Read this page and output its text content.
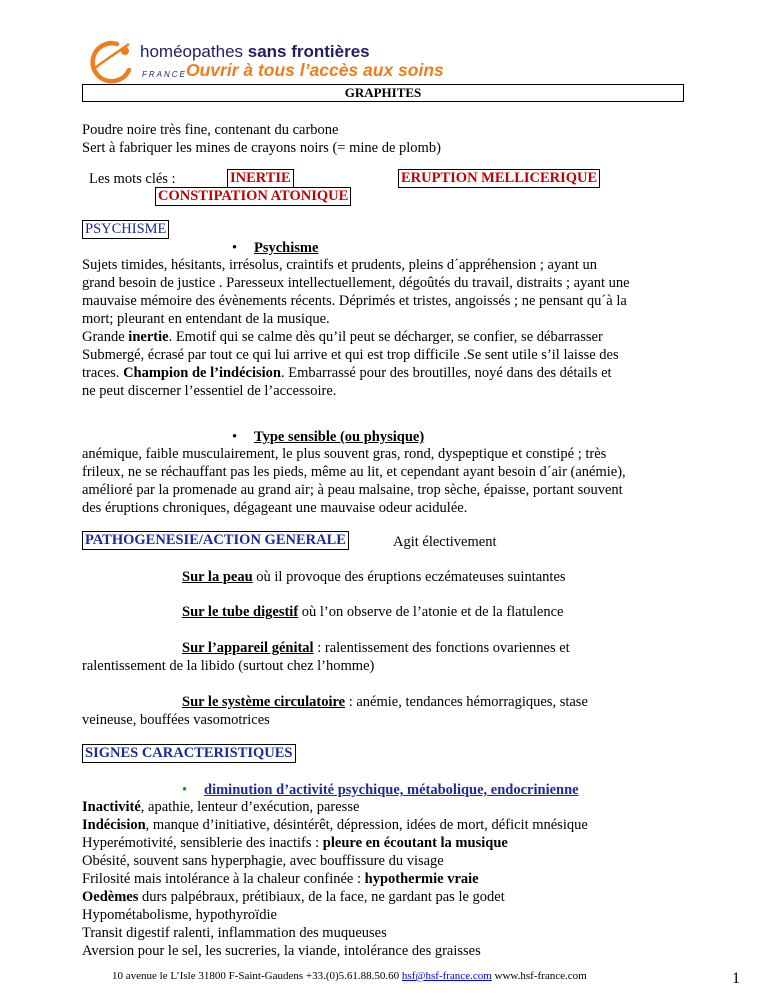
homéopathes sans frontières
FRANCE Ouvrir à tous l’accès aux soins
GRAPHITES
Poudre noire très fine, contenant du carbone
Sert à fabriquer les mines de crayons noirs (= mine de plomb)
Les mots clés :	INERTIE	ERUPTION MELLICERIQUE
CONSTIPATION ATONIQUE
PSYCHISME
• Psychisme
Sujets timides, hésitants, irrésolus, craintifs et prudents, pleins d´appréhension ; ayant un
grand besoin de justice . Paresseux intellectuellement, dégoûtés du travail, distraits ; ayant une
mauvaise mémoire des évènements récents. Déprimés et tristes, angoissés ; ne pensant qu´à la
mort; pleurant en entendant de la musique.
Grande inertie. Emotif qui se calme dès qu’il peut se décharger, se confier, se débarrasser
Submergé, écrasé par tout ce qui lui arrive et qui est trop difficile .Se sent utile s’il laisse des
traces. Champion de l’indécision. Embarrassé pour des broutilles, noyé dans des détails et
ne peut discerner l’essentiel de l’accessoire.
• Type sensible (ou physique)
anémique, faible musculairement, le plus souvent gras, rond, dyspeptique et constipé ; très
frileux, ne se réchauffant pas les pieds, même au lit, et cependant ayant besoin d´air (anémie),
amélioré par la promenade au grand air; à peau malsaine, trop sèche, épaisse, portant souvent
des éruptions chroniques, dégageant une mauvaise odeur acidulée.
PATHOGENESIE/ACTION GENERALE	Agit électivement
Sur la peau où il provoque des éruptions eczémateuses suintantes
Sur le tube digestif où l’on observe de l’atonie et de la flatulence
Sur l’appareil génital : ralentissement des fonctions ovariennes et
ralentissement de la libido (surtout chez l’homme)
Sur le système circulatoire : anémie, tendances hémorragiques, stase
veineuse, bouffées vasomotrices
SIGNES CARACTERISTIQUES
• diminution d’activité psychique, métabolique, endocrinienne
Inactivité, apathie, lenteur d’exécution, paresse
Indécision, manque d’initiative, désintérêt, dépression, idées de mort, déficit mnésique
Hyperémotivité, sensiblerie des inactifs : pleure en écoutant la musique
Obésité, souvent sans hyperphagie, avec bouffissure du visage
Frilosité mais intolérance à la chaleur confinée : hypothermie vraie
Oedèmes durs palpébraux, prétibiaux, de la face, ne gardant pas le godet
Hypométabolisme, hypothyroïdie
Transit digestif ralenti, inflammation des muqueuses
Aversion pour le sel, les sucreries, la viande, intolérance des graisses
10 avenue le L’Isle 31800 F-Saint-Gaudens +33.(0)5.61.88.50.60 hsf@hsf-france.com www.hsf-france.com	1
